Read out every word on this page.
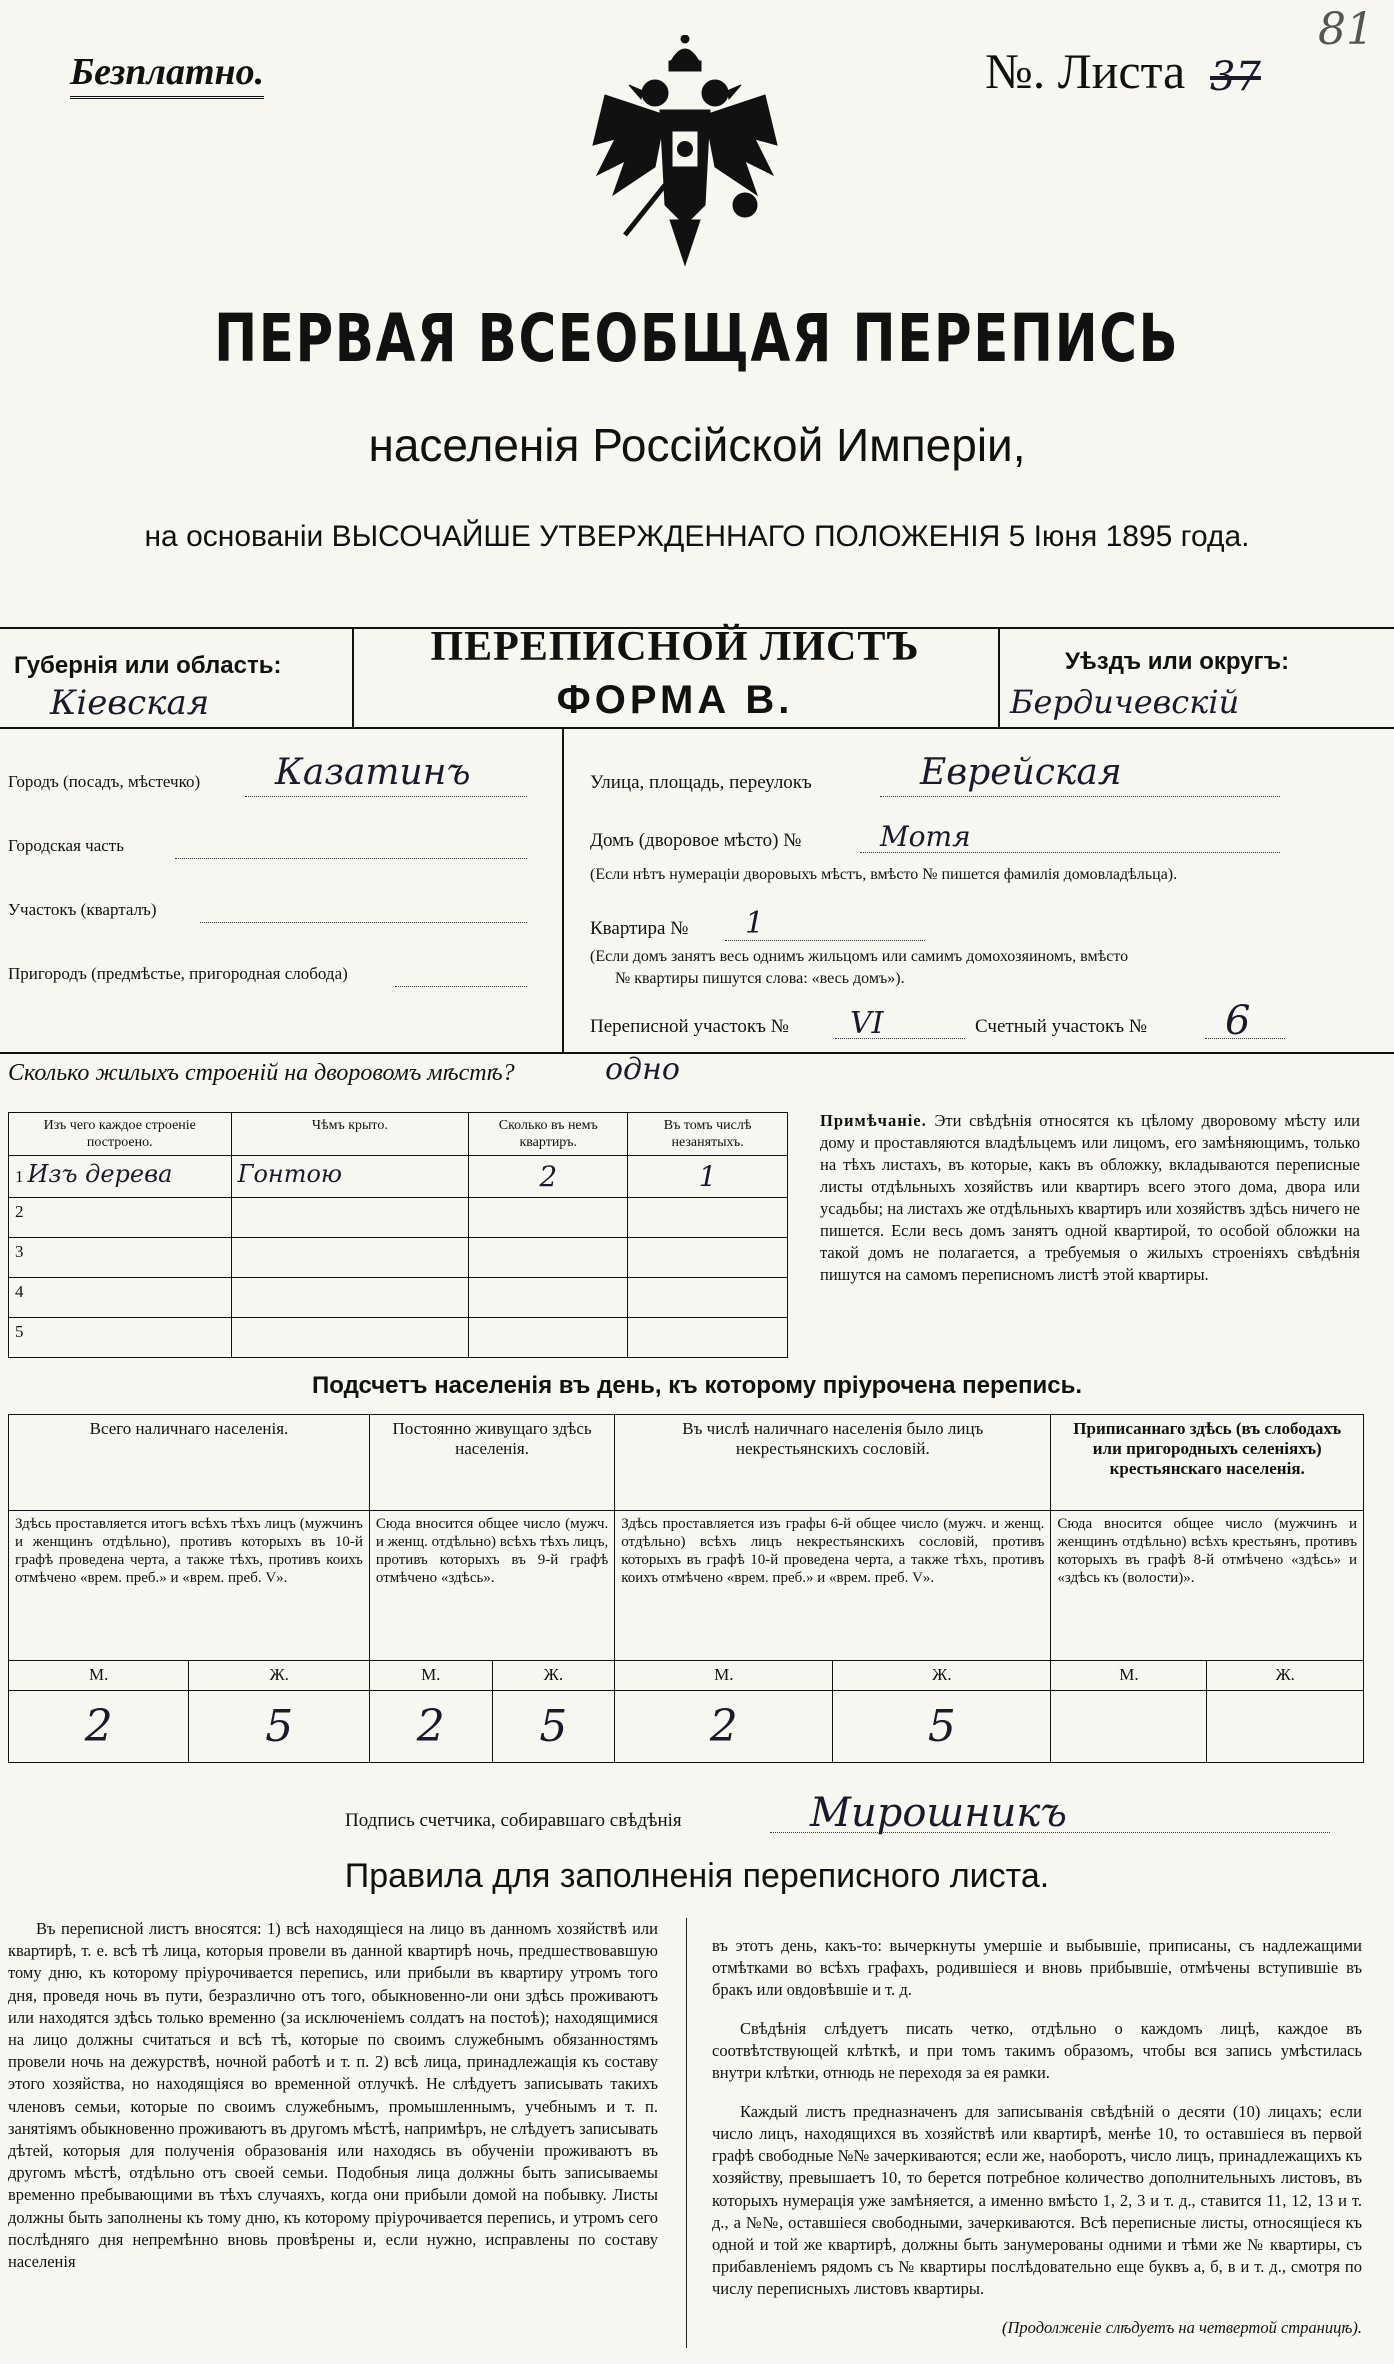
Безплатно.	№. Листа 37
81
ПЕРВАЯ ВСЕОБЩАЯ ПЕРЕПИСЬ
населенія Россійской Имперіи,
на основаніи ВЫСОЧАЙШЕ УТВЕРЖДЕННАГО ПОЛОЖЕНІЯ 5 Іюня 1895 года.
Губернія или область:
Кіевская
ПЕРЕПИСНОЙ ЛИСТЪ
ФОРМА В.
Уѣздъ или округъ:
Бердичевскій
Городъ (посадъ, мѣстечко) Казатинъ
Городская часть
Участокъ (кварталъ)
Пригородъ (предмѣстье, пригородная слобода)
Улица, площадь, переулокъ	Еврейская
Домъ (дворовое мѣсто) №	Мотя
(Если нѣтъ нумераціи дворовыхъ мѣстъ, вмѣсто № пишется фамилія домовладѣльца).
Квартира № 1
(Если домъ занятъ весь однимъ жильцомъ или самимъ домохозяиномъ, вмѣсто
№ квартиры пишутся слова: «весь домъ»).
Переписной участокъ № VI	Счетный участокъ № 6
Сколько жилыхъ строеній на дворовомъ мѣстѣ?	одно
Изъ чего каждое строеніе построено.	Чѣмъ крыто.	Сколько въ немъ квартиръ.	Въ томъ числѣ незанятыхъ.
1 Изъ дерева	Гонтою	2	1
2			
3			
4			
5			
Примѣчаніе. Эти свѣдѣнія относятся къ цѣлому дворовому мѣсту или дому и проставляются владѣльцемъ или лицомъ, его замѣняющимъ, только на тѣхъ листахъ, въ которые, какъ въ обложку, вкладываются переписные листы отдѣльныхъ хозяйствъ или квартиръ всего этого дома, двора или усадьбы; на листахъ же отдѣльныхъ квартиръ или хозяйствъ здѣсь ничего не пишется. Если весь домъ занятъ одной квартирой, то особой обложки на такой домъ не полагается, а требуемыя о жилыхъ строеніяхъ свѣдѣнія пишутся на самомъ переписномъ листѣ этой квартиры.
Подсчетъ населенія въ день, къ которому пріурочена перепись.
Всего наличнаго населенія.		Постоянно живущаго здѣсь населенія.		Въ числѣ наличнаго населенія было лицъ некрестьянскихъ сословій.		Приписаннаго здѣсь (въ слободахъ или пригородныхъ селеніяхъ) крестьянскаго населенія.	
Здѣсь проставляется итогъ всѣхъ тѣхъ лицъ (мужчинъ и женщинъ отдѣльно), противъ которыхъ въ 10-й графѣ проведена черта, а также тѣхъ, противъ коихъ отмѣчено «врем. преб.» и «врем. преб. V».		Сюда вносится общее число (мужч. и женщ. отдѣльно) всѣхъ тѣхъ лицъ, противъ которыхъ въ 9-й графѣ отмѣчено «здѣсь».		Здѣсь проставляется изъ графы 6-й общее число (мужч. и женщ. отдѣльно) всѣхъ лицъ некрестьянскихъ сословій, противъ которыхъ въ графѣ 10-й проведена черта, а также тѣхъ, противъ коихъ отмѣчено «врем. преб.» и «врем. преб. V».		Сюда вносится общее число (мужчинъ и женщинъ отдѣльно) всѣхъ крестьянъ, противъ которыхъ въ графѣ 8-й отмѣчено «здѣсь» и «здѣсь къ (волости)».	
М.	Ж.	М.	Ж.	М.	Ж.	М.	Ж.
2	5	2	5	2	5		
Подпись счетчика, собиравшаго свѣдѣнія	Мирошникъ
Правила для заполненія переписного листа.
Въ переписной листъ вносятся: 1) всѣ находящіеся на лицо въ данномъ хозяйствѣ или квартирѣ, т. е. всѣ тѣ лица, которыя провели въ данной квартирѣ ночь, предшествовавшую тому дню, къ которому пріурочивается перепись, или прибыли въ квартиру утромъ того дня, проведя ночь въ пути, безразлично отъ того, обыкновенно-ли они здѣсь проживаютъ или находятся здѣсь только временно (за исключеніемъ солдатъ на постоѣ); находящимися на лицо должны считаться и всѣ тѣ, которые по своимъ служебнымъ обязанностямъ провели ночь на дежурствѣ, ночной работѣ и т. п. 2) всѣ лица, принадлежащія къ составу этого хозяйства, но находящіяся во временной отлучкѣ. Не слѣдуетъ записывать такихъ членовъ семьи, которые по своимъ служебнымъ, промышленнымъ, учебнымъ и т. п. занятіямъ обыкновенно проживаютъ въ другомъ мѣстѣ, напримѣръ, не слѣдуетъ записывать дѣтей, которыя для полученія образованія или находясь въ обученіи проживаютъ въ другомъ мѣстѣ, отдѣльно отъ своей семьи. Подобныя лица должны быть записываемы временно пребывающими въ тѣхъ случаяхъ, когда они прибыли домой на побывку. Листы должны быть заполнены къ тому дню, къ которому пріурочивается перепись, и утромъ сего послѣдняго дня непремѣнно вновь провѣрены и, если нужно, исправлены по составу населенія

въ этотъ день, какъ-то: вычеркнуты умершіе и выбывшіе, приписаны, съ надлежащими отмѣтками во всѣхъ графахъ, родившіеся и вновь прибывшіе, отмѣчены вступившіе въ бракъ или овдовѣвшіе и т. д.

Свѣдѣнія слѣдуетъ писать четко, отдѣльно о каждомъ лицѣ, каждое въ соотвѣтствующей клѣткѣ, и при томъ такимъ образомъ, чтобы вся запись умѣстилась внутри клѣтки, отнюдь не переходя за ея рамки.

Каждый листъ предназначенъ для записыванія свѣдѣній о десяти (10) лицахъ; если число лицъ, находящихся въ хозяйствѣ или квартирѣ, менѣе 10, то оставшіеся въ первой графѣ свободные №№ зачеркиваются; если же, наоборотъ, число лицъ, принадлежащихъ къ хозяйству, превышаетъ 10, то берется потребное количество дополнительныхъ листовъ, въ которыхъ нумерація уже замѣняется, а именно вмѣсто 1, 2, 3 и т. д., ставится 11, 12, 13 и т. д., а №№, оставшіеся свободными, зачеркиваются. Всѣ переписные листы, относящіеся къ одной и той же квартирѣ, должны быть занумерованы одними и тѣми же № квартиры, съ прибавленіемъ рядомъ съ № квартиры послѣдовательно еще буквъ а, б, в и т. д., смотря по числу переписныхъ листовъ квартиры.

(Продолженіе слѣдуетъ на четвертой страницѣ).
